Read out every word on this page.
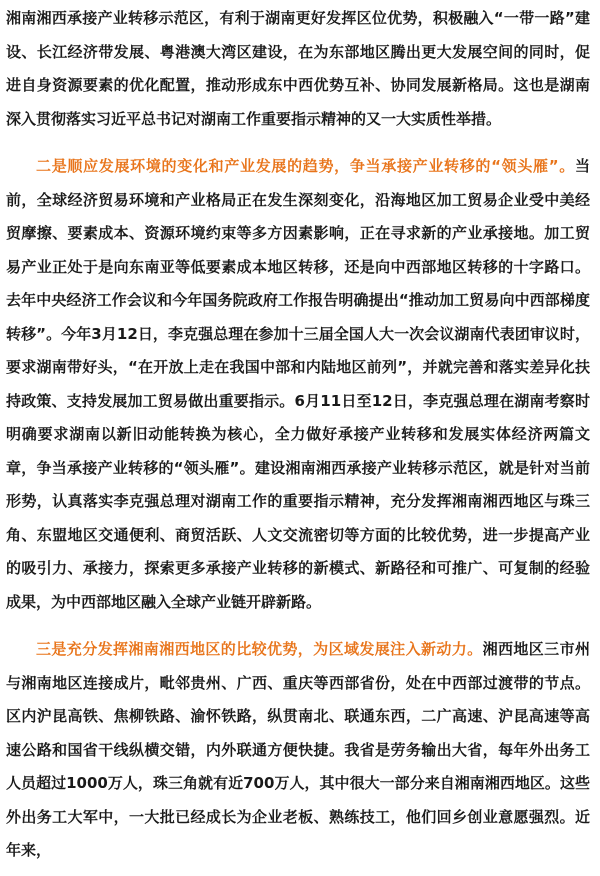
湘南湘西承接产业转移示范区，有利于湖南更好发挥区位优势，积极融入“一带一路”建设、长江经济带发展、粤港澳大湾区建设，在为东部地区腾出更大发展空间的同时，促进自身资源要素的优化配置，推动形成东中西优势互补、协同发展新格局。这也是湖南深入贯彻落实习近平总书记对湖南工作重要指示精神的又一大实质性举措。

二是顺应发展环境的变化和产业发展的趋势，争当承接产业转移的“领头雁”。当前，全球经济贸易环境和产业格局正在发生深刻变化，沿海地区加工贸易企业受中美经贸摩擦、要素成本、资源环境约束等多方因素影响，正在寻求新的产业承接地。加工贸易产业正处于是向东南亚等低要素成本地区转移，还是向中西部地区转移的十字路口。去年中央经济工作会议和今年国务院政府工作报告明确提出“推动加工贸易向中西部梯度转移”。今年3月12日，李克强总理在参加十三届全国人大一次会议湖南代表团审议时，要求湖南带好头，“在开放上走在我国中部和内陆地区前列”，并就完善和落实差异化扶持政策、支持发展加工贸易做出重要指示。6月11日至12日，李克强总理在湖南考察时明确要求湖南以新旧动能转换为核心，全力做好承接产业转移和发展实体经济两篇文章，争当承接产业转移的“领头雁”。建设湘南湘西承接产业转移示范区，就是针对当前形势，认真落实李克强总理对湖南工作的重要指示精神，充分发挥湘南湘西地区与珠三角、东盟地区交通便利、商贸活跃、人文交流密切等方面的比较优势，进一步提高产业的吸引力、承接力，探索更多承接产业转移的新模式、新路径和可推广、可复制的经验成果，为中西部地区融入全球产业链开辟新路。

三是充分发挥湘南湘西地区的比较优势，为区域发展注入新动力。湘西地区三市州与湘南地区连接成片，毗邻贵州、广西、重庆等西部省份，处在中西部过渡带的节点。区内沪昆高铁、焦柳铁路、渝怀铁路，纵贯南北、联通东西，二广高速、沪昆高速等高速公路和国省干线纵横交错，内外联通方便快捷。我省是劳务输出大省，每年外出务工人员超过1000万人，珠三角就有近700万人，其中很大一部分来自湘南湘西地区。这些外出务工大军中，一大批已经成长为企业老板、熟练技工，他们回乡创业意愿强烈。近年来，
